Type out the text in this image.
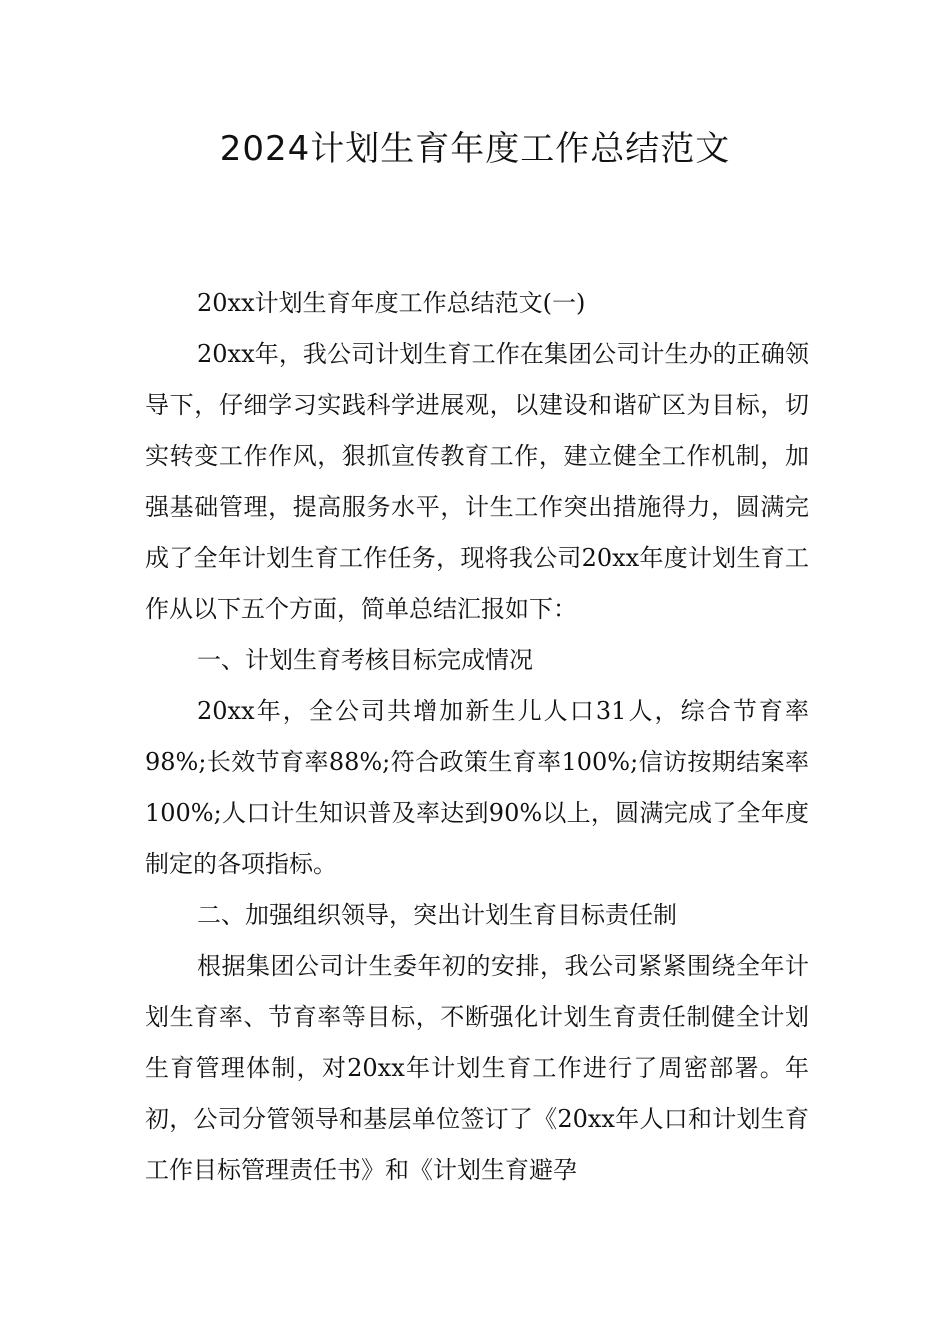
2024计划生育年度工作总结范文

20xx计划生育年度工作总结范文(一)

20xx年，我公司计划生育工作在集团公司计生办的正确领导下，仔细学习实践科学进展观，以建设和谐矿区为目标，切实转变工作作风，狠抓宣传教育工作，建立健全工作机制，加强基础管理，提高服务水平，计生工作突出措施得力，圆满完成了全年计划生育工作任务，现将我公司20xx年度计划生育工作从以下五个方面，简单总结汇报如下：

一、计划生育考核目标完成情况

20xx年，全公司共增加新生儿人口31人，综合节育率98%;长效节育率88%;符合政策生育率100%;信访按期结案率100%;人口计生知识普及率达到90%以上，圆满完成了全年度制定的各项指标。

二、加强组织领导，突出计划生育目标责任制

根据集团公司计生委年初的安排，我公司紧紧围绕全年计划生育率、节育率等目标，不断强化计划生育责任制健全计划生育管理体制，对20xx年计划生育工作进行了周密部署。年初，公司分管领导和基层单位签订了《20xx年人口和计划生育工作目标管理责任书》和《计划生育避孕
